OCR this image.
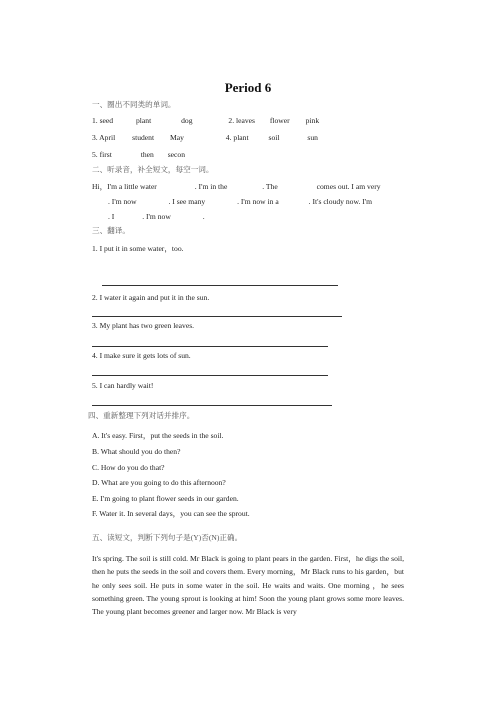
Period 6
一、圈出不同类的单词。
1. seed	plant	dog	2. leaves flower pink
3. April student May	4. plant	soil	sun
5. first	then secon
二、听录音，补全短文，每空一词。
Hi，I'm a little water	. I'm in the	. The	comes out. I am very
. I'm now	. I see many	. I'm now in a	. It's cloudy now. I'm
. I	. I'm now	.
三、翻译。
1. I put it in some water，too.
2. I water it again and put it in the sun.
3. My plant has two green leaves.
4. I make sure it gets lots of sun.
5. I can hardly wait!
四、重新整理下列对话并排序。
A. It's easy. First，put the seeds in the soil.
B. What should you do then?
C. How do you do that?
D. What are you going to do this afternoon?
E. I'm going to plant flower seeds in our garden.
F. Water it. In several days，you can see the sprout.
五、读短文，判断下列句子是(Y)否(N)正确。
It's spring. The soil is still cold. Mr Black is going to plant pears in the garden. First，he digs the soil, then he puts the seeds in the soil and covers them. Every morning，Mr Black runs to his garden，but he only sees soil. He puts in some water in the soil. He waits and waits. One morning ，he sees something green. The young sprout is looking at him! Soon the young plant grows some more leaves. The young plant becomes greener and larger now. Mr Black is very
